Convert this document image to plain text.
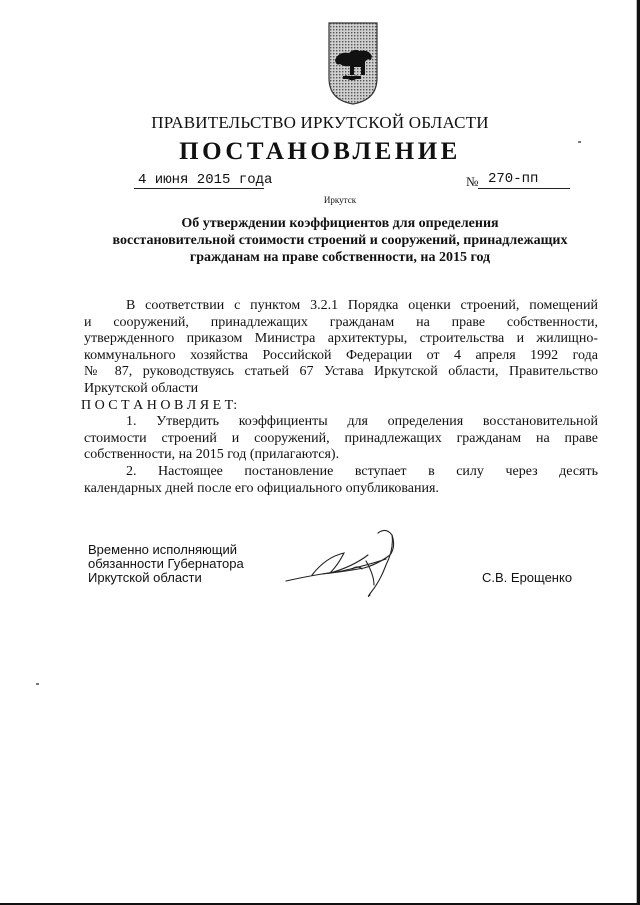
ПРАВИТЕЛЬСТВО ИРКУТСКОЙ ОБЛАСТИ
ПОСТАНОВЛЕНИЕ
4 июня 2015 года	№ 270-пп
Иркутск
Об утверждении коэффициентов для определения
восстановительной стоимости строений и сооружений, принадлежащих
гражданам на праве собственности, на 2015 год
В соответствии с пунктом 3.2.1 Порядка оценки строений, помещений
и сооружений, принадлежащих гражданам на праве собственности,
утвержденного приказом Министра архитектуры, строительства и жилищно-
коммунального хозяйства Российской Федерации от 4 апреля 1992 года
№ 87, руководствуясь статьей 67 Устава Иркутской области, Правительство
Иркутской области
П О С Т А Н О В Л Я Е Т:
1. Утвердить коэффициенты для определения восстановительной
стоимости строений и сооружений, принадлежащих гражданам на праве
собственности, на 2015 год (прилагаются).
2. Настоящее постановление вступает в силу через десять
календарных дней после его официального опубликования.
Временно исполняющий
обязанности Губернатора
Иркутской области	С.В. Ерощенко
